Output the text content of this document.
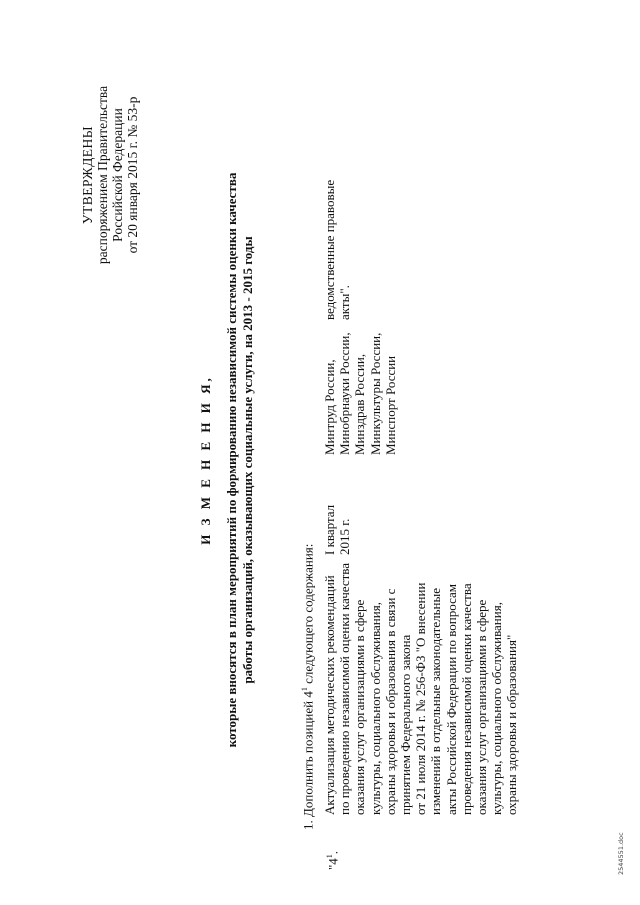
УТВЕРЖДЕНЫ распоряжением Правительства Российской Федерации от 20 января 2015 г. № 53-р
И З М Е Н Е Н И Я, которые вносятся в план мероприятий по формированию независимой системы оценки качества работы организаций, оказывающих социальные услуги, на 2013 - 2015 годы
1. Дополнить позицией $4^1$ следующего содержания:
"$4^1$.
Актуализация методических рекомендаций по проведению независимой оценки качества оказания услуг организациями в сфере культуры, социального обслуживания, охраны здоровья и образования в связи с принятием Федерального закона от 21 июля 2014 г. № 256-ФЗ "О внесении изменений в отдельные законодательные акты Российской Федерации по вопросам проведения независимой оценки качества оказания услуг организациями в сфере культуры, социального обслуживания, охраны здоровья и образования"
I квартал 2015 г.
Минтруд России, Минобрнауки России, Минздрав России, Минкультуры России, Минспорт России
ведомственные правовые акты".
2544551.doc
